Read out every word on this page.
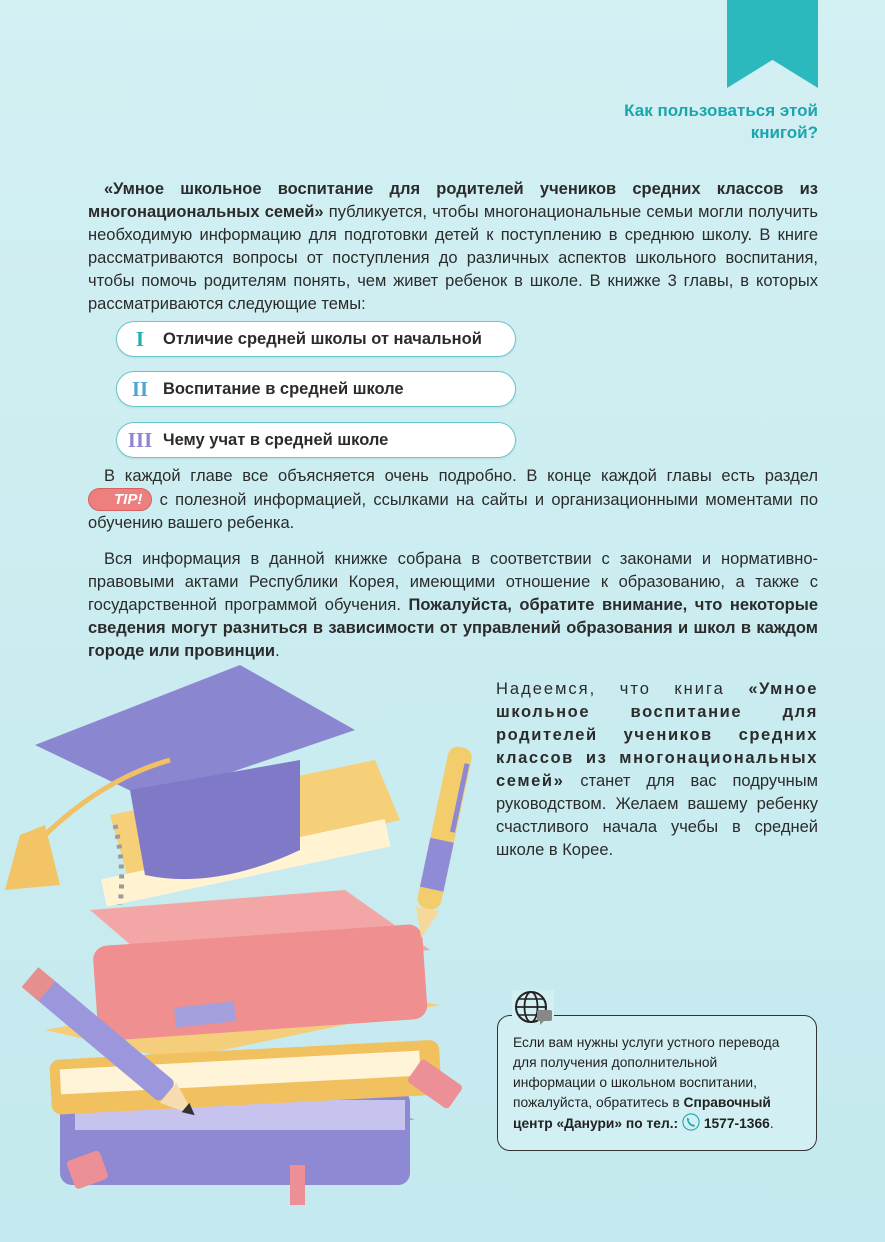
Как пользоваться этой книгой?
«Умное школьное воспитание для родителей учеников средних классов из многонациональных семей» публикуется, чтобы многонациональные семьи могли получить необходимую информацию для подготовки детей к поступлению в среднюю школу. В книге рассматриваются вопросы от поступления до различных аспектов школьного воспитания, чтобы помочь родителям понять, чем живет ребенок в школе. В книжке 3 главы, в которых рассматриваются следующие темы:
I	Отличие средней школы от начальной
II Воспитание в средней школе
III Чему учат в средней школе
В каждой главе все объясняется очень подробно. В конце каждой главы есть раздел TIP! с полезной информацией, ссылками на сайты и организационными моментами по обучению вашего ребенка.
Вся информация в данной книжке собрана в соответствии с законами и нормативно-правовыми актами Республики Корея, имеющими отношение к образованию, а также с государственной программой обучения. Пожалуйста, обратите внимание, что некоторые сведения могут разниться в зависимости от управлений образования и школ в каждом городе или провинции.
Надеемся, что книга «Умное школьное воспитание для родителей учеников средних классов из многонациональных семей» станет для вас подручным руководством. Желаем вашему ребенку счастливого начала учебы в средней школе в Корее.
Если вам нужны услуги устного перевода для получения дополнительной информации о школьном воспитании, пожалуйста, обратитесь в Справочный центр «Данури» по тел.: 1577-1366.
